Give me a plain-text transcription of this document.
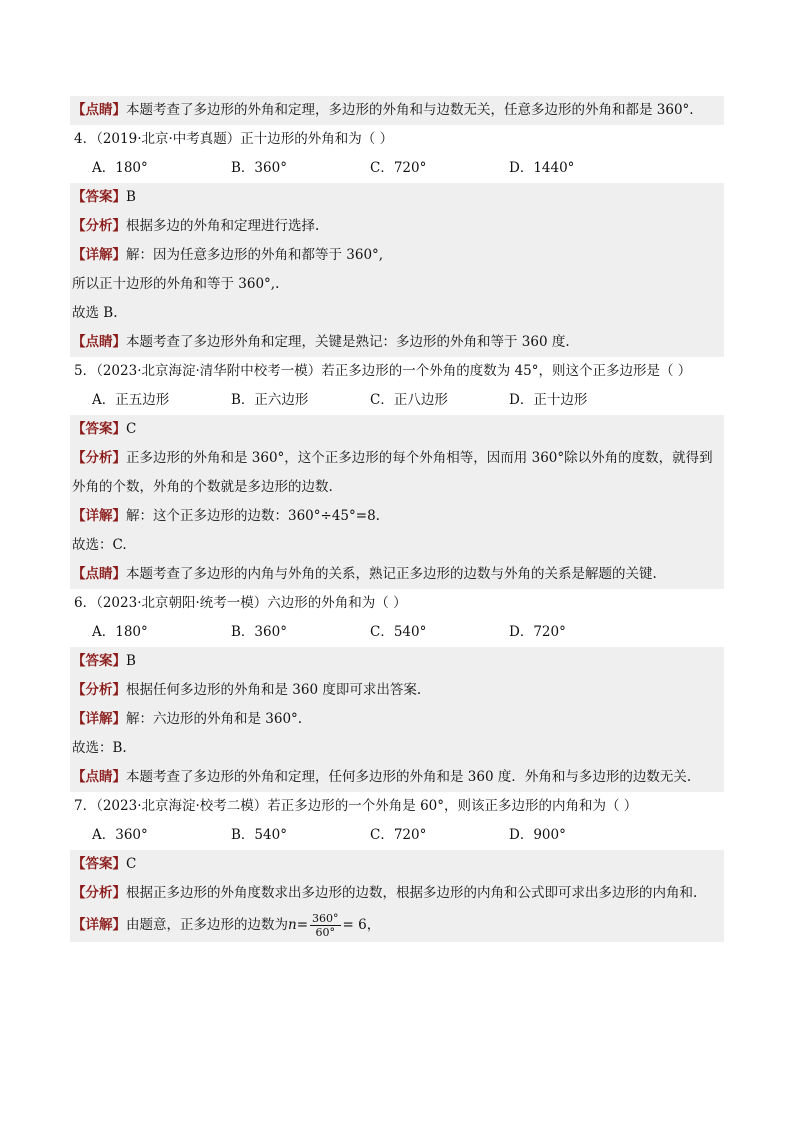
【点睛】本题考查了多边形的外角和定理，多边形的外角和与边数无关，任意多边形的外角和都是 360°.
4．（2019·北京·中考真题）正十边形的外角和为（ ）
A．180°	B．360°	C．720°	D．1440°
【答案】B
【分析】根据多边的外角和定理进行选择.
【详解】解：因为任意多边形的外角和都等于 360°,
所以正十边形的外角和等于 360°,.
故选 B.
【点睛】本题考查了多边形外角和定理，关键是熟记：多边形的外角和等于 360 度.
5．（2023·北京海淀·清华附中校考一模）若正多边形的一个外角的度数为 45°，则这个正多边形是（ ）
A．正五边形	B．正六边形	C．正八边形	D．正十边形
【答案】C
【分析】正多边形的外角和是 360°，这个正多边形的每个外角相等，因而用 360°除以外角的度数，就得到
外角的个数，外角的个数就是多边形的边数.
【详解】解：这个正多边形的边数：360°÷45°=8.
故选：C.
【点睛】本题考查了多边形的内角与外角的关系，熟记正多边形的边数与外角的关系是解题的关键.
6．（2023·北京朝阳·统考一模）六边形的外角和为（ ）
A．180°	B．360°	C．540°	D．720°
【答案】B
【分析】根据任何多边形的外角和是 360 度即可求出答案.
【详解】解：六边形的外角和是 360°.
故选：B.
【点睛】本题考查了多边形的外角和定理，任何多边形的外角和是 360 度．外角和与多边形的边数无关.
7．（2023·北京海淀·校考二模）若正多边形的一个外角是 60°，则该正多边形的内角和为（ ）
A．360°	B．540°	C．720°	D．900°
【答案】C
【分析】根据正多边形的外角度数求出多边形的边数，根据多边形的内角和公式即可求出多边形的内角和.
【详解】由题意，正多边形的边数为$n= \frac{360^\circ}{60^\circ} = 6$，
